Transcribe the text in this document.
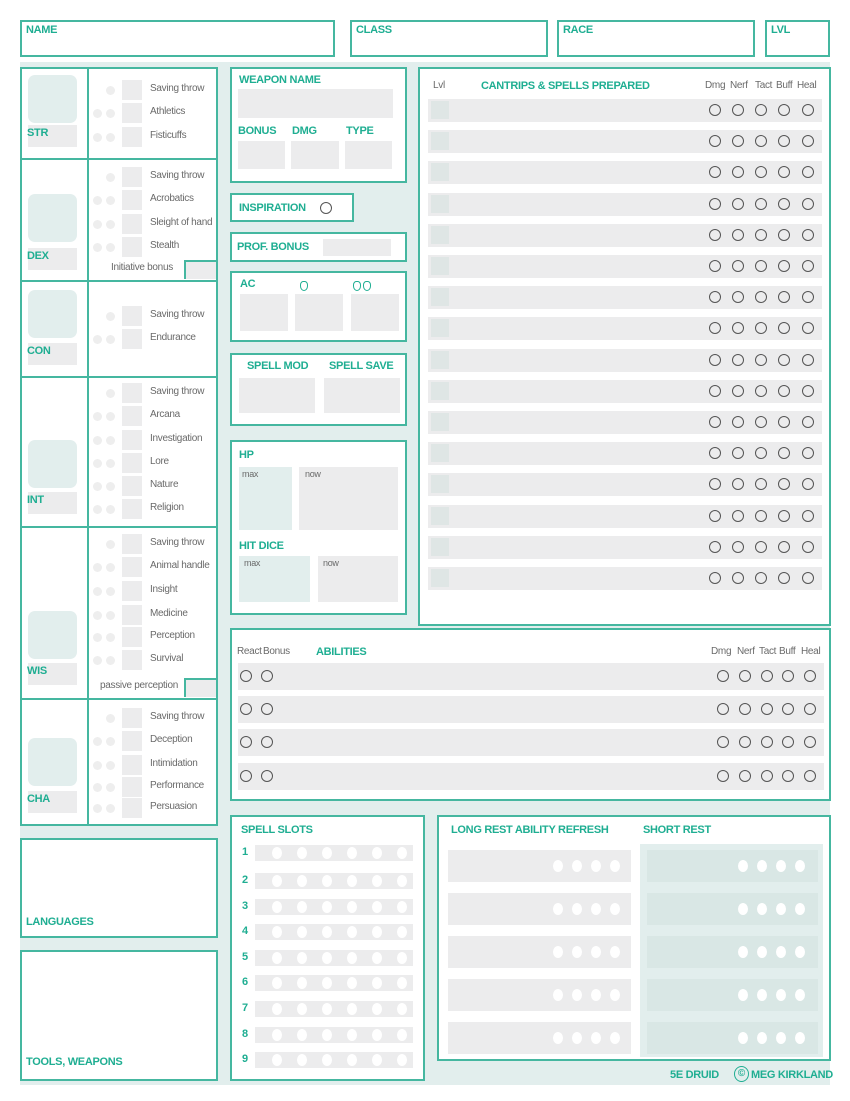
NAME	CLASS	RACE	LVL
STR
Saving throw
Athletics
Fisticuffs
DEX
Saving throw
Acrobatics
Sleight of hand
Stealth
Initiative bonus
CON
Saving throw
Endurance
INT
Saving throw
Arcana
Investigation
Lore
Nature
Religion
WIS
Saving throw
Animal handle
Insight
Medicine
Perception
Survival
passive perception
CHA
Saving throw
Deception
Intimidation
Performance
Persuasion
LANGUAGES
TOOLS, WEAPONS
WEAPON NAME
BONUS DMG	TYPE
INSPIRATION
PROF. BONUS
AC
SPELL MOD SPELL SAVE
HP
max	now
HIT DICE
max	now
Lvl	CANTRIPS & SPELLS PREPARED	Dmg Nerf Tact Buff Heal
React Bonus ABILITIES	Dmg Nerf Tact Buff Heal
SPELL SLOTS
1
2
3
4
5
6
7
8
9
LONG REST ABILITY REFRESH	SHORT REST
5E DRUID	© MEG KIRKLAND
